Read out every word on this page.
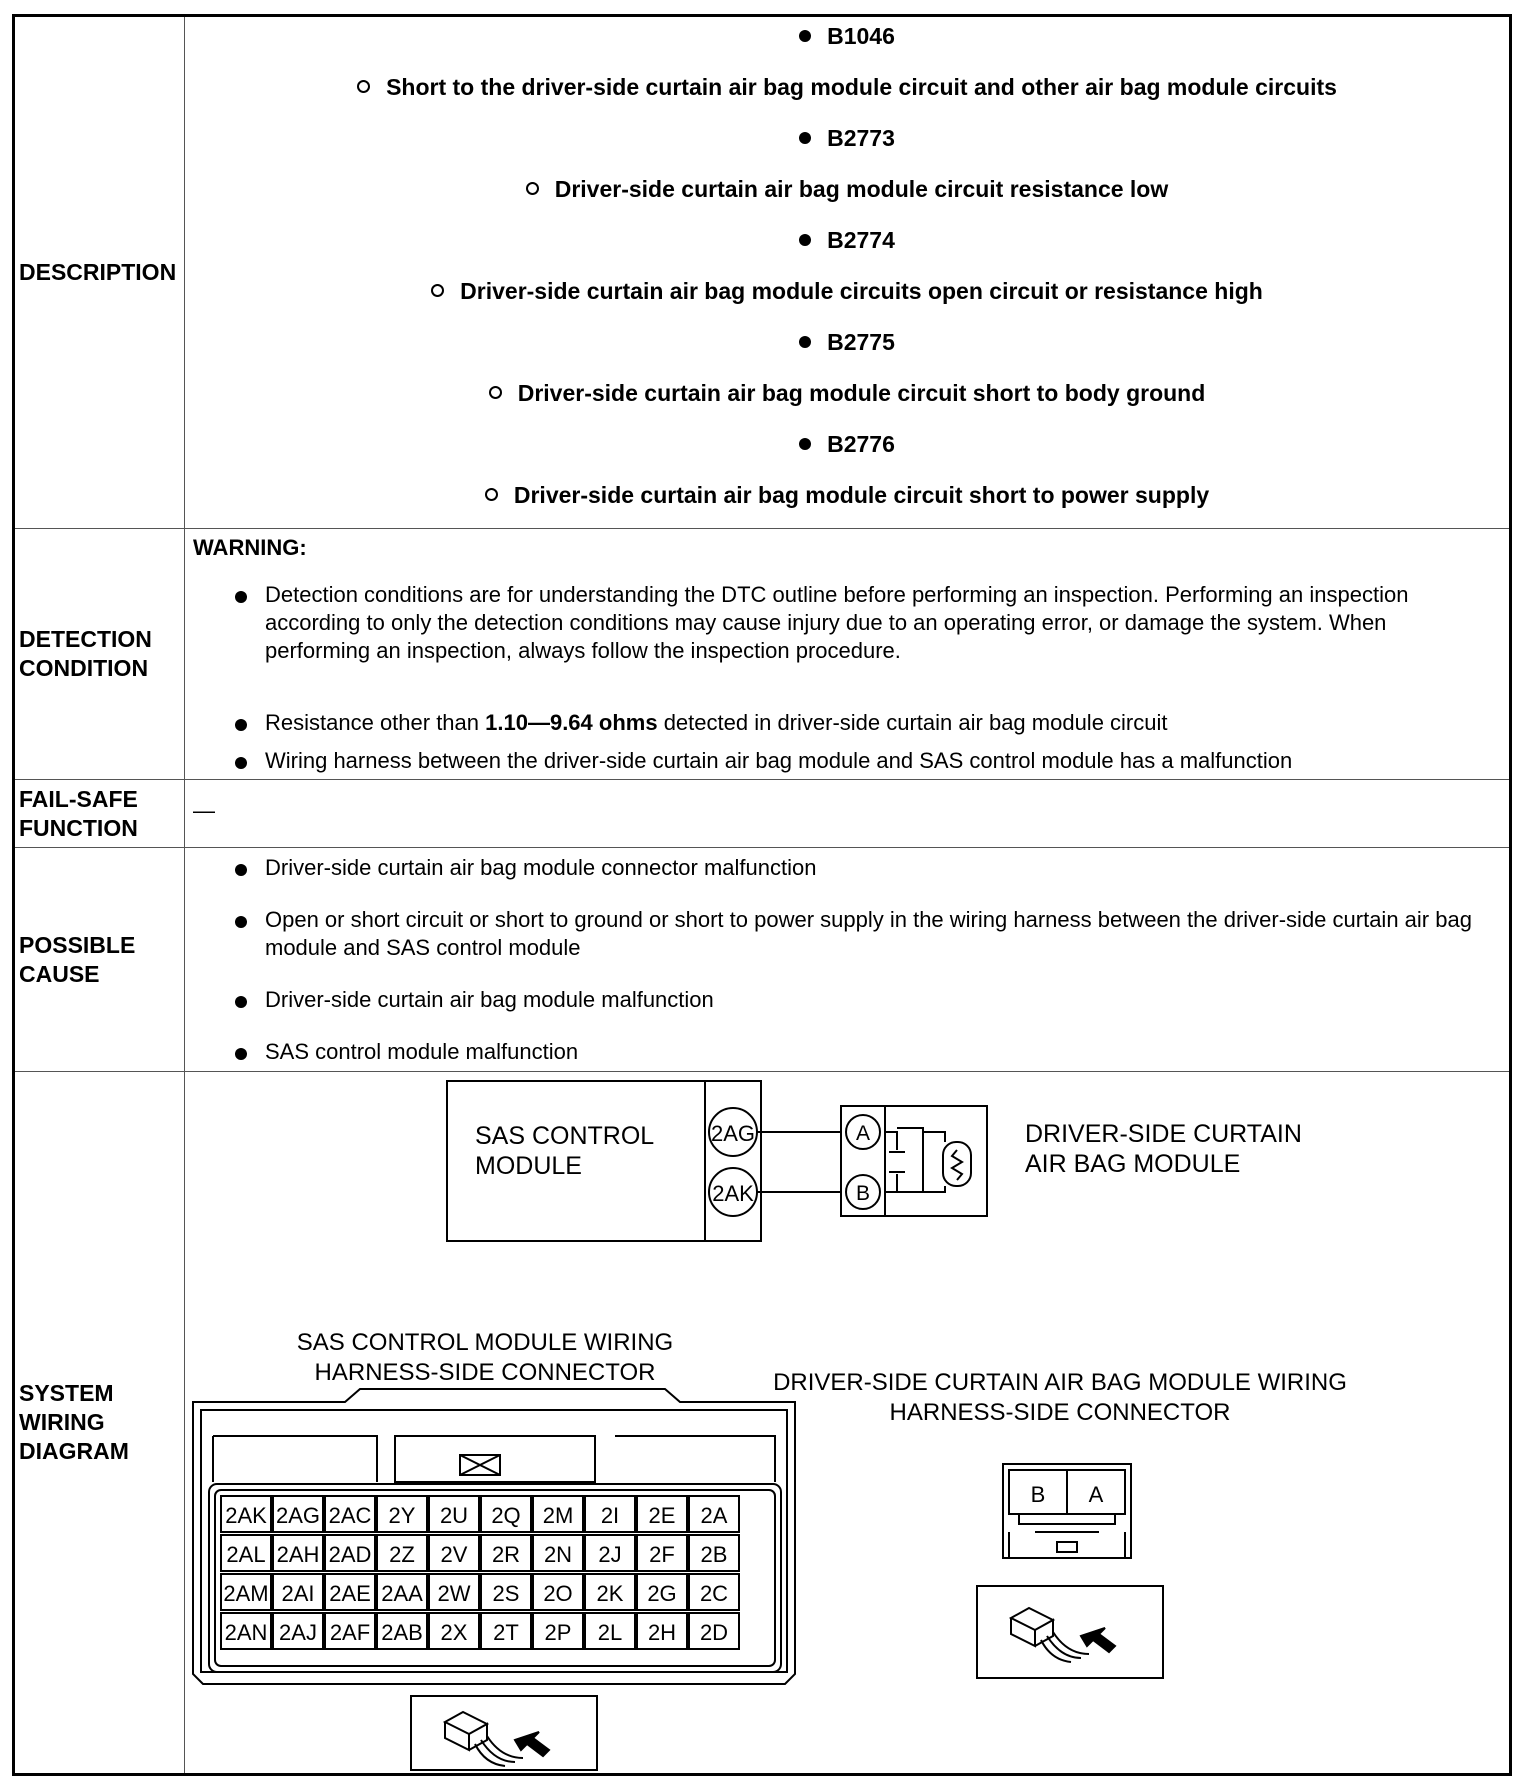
DESCRIPTION
B1046
Short to the driver-side curtain air bag module circuit and other air bag module circuits
B2773
Driver-side curtain air bag module circuit resistance low
B2774
Driver-side curtain air bag module circuits open circuit or resistance high
B2775
Driver-side curtain air bag module circuit short to body ground
B2776
Driver-side curtain air bag module circuit short to power supply
DETECTION CONDITION
WARNING:
Detection conditions are for understanding the DTC outline before performing an inspection. Performing an inspection according to only the detection conditions may cause injury due to an operating error, or damage the system. When performing an inspection, always follow the inspection procedure.
Resistance other than 1.10—9.64 ohms detected in driver-side curtain air bag module circuit
Wiring harness between the driver-side curtain air bag module and SAS control module has a malfunction
FAIL-SAFE FUNCTION
—
POSSIBLE CAUSE
Driver-side curtain air bag module connector malfunction
Open or short circuit or short to ground or short to power supply in the wiring harness between the driver-side curtain air bag module and SAS control module
Driver-side curtain air bag module malfunction
SAS control module malfunction
SYSTEM WIRING DIAGRAM
SAS CONTROL
MODULE
2AG
2AK
A
B
DRIVER-SIDE CURTAIN
AIR BAG MODULE
SAS CONTROL MODULE WIRING
HARNESS-SIDE CONNECTOR
2AK 2AG 2AC 2Y 2U 2Q 2M 2I 2E 2A
2AL 2AH 2AD 2Z 2V 2R 2N 2J 2F 2B
2AM 2AI 2AE 2AA 2W 2S 2O 2K 2G 2C
2AN 2AJ 2AF 2AB 2X 2T 2P 2L 2H 2D
DRIVER-SIDE CURTAIN AIR BAG MODULE WIRING
HARNESS-SIDE CONNECTOR
B A
